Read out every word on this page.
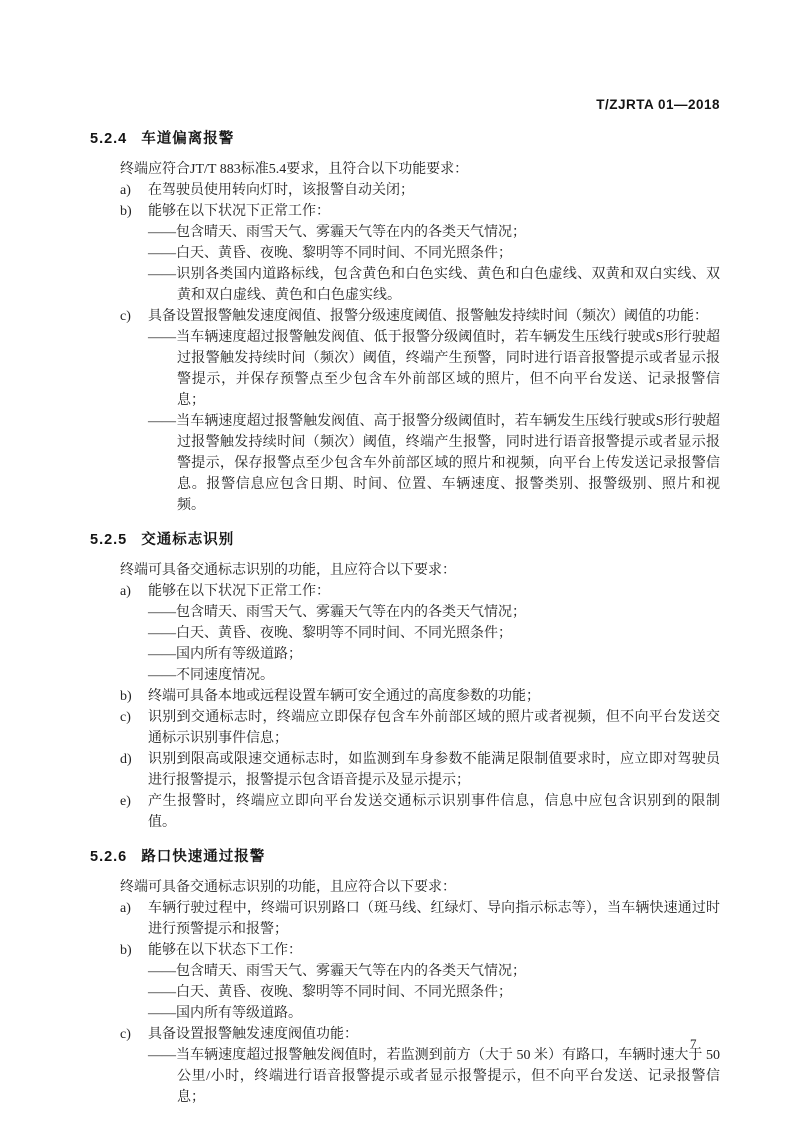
T/ZJRTA 01—2018
5.2.4 车道偏离报警
终端应符合JT/T 883标准5.4要求，且符合以下功能要求：
a) 在驾驶员使用转向灯时，该报警自动关闭；
b) 能够在以下状况下正常工作：
——包含晴天、雨雪天气、雾霾天气等在内的各类天气情况；
——白天、黄昏、夜晚、黎明等不同时间、不同光照条件；
——识别各类国内道路标线，包含黄色和白色实线、黄色和白色虚线、双黄和双白实线、双黄和双白虚线、黄色和白色虚实线。
c) 具备设置报警触发速度阀值、报警分级速度阈值、报警触发持续时间（频次）阈值的功能：
——当车辆速度超过报警触发阀值、低于报警分级阈值时，若车辆发生压线行驶或S形行驶超过报警触发持续时间（频次）阈值，终端产生预警，同时进行语音报警提示或者显示报警提示，并保存预警点至少包含车外前部区域的照片，但不向平台发送、记录报警信息；
——当车辆速度超过报警触发阀值、高于报警分级阈值时，若车辆发生压线行驶或S形行驶超过报警触发持续时间（频次）阈值，终端产生报警，同时进行语音报警提示或者显示报警提示，保存报警点至少包含车外前部区域的照片和视频，向平台上传发送记录报警信息。报警信息应包含日期、时间、位置、车辆速度、报警类别、报警级别、照片和视频。
5.2.5 交通标志识别
终端可具备交通标志识别的功能，且应符合以下要求：
a) 能够在以下状况下正常工作：
——包含晴天、雨雪天气、雾霾天气等在内的各类天气情况；
——白天、黄昏、夜晚、黎明等不同时间、不同光照条件；
——国内所有等级道路；
——不同速度情况。
b) 终端可具备本地或远程设置车辆可安全通过的高度参数的功能；
c) 识别到交通标志时，终端应立即保存包含车外前部区域的照片或者视频，但不向平台发送交通标示识别事件信息；
d) 识别到限高或限速交通标志时，如监测到车身参数不能满足限制值要求时，应立即对驾驶员进行报警提示，报警提示包含语音提示及显示提示；
e) 产生报警时，终端应立即向平台发送交通标示识别事件信息，信息中应包含识别到的限制值。
5.2.6 路口快速通过报警
终端可具备交通标志识别的功能，且应符合以下要求：
a) 车辆行驶过程中，终端可识别路口（斑马线、红绿灯、导向指示标志等），当车辆快速通过时进行预警提示和报警；
b) 能够在以下状态下工作：
——包含晴天、雨雪天气、雾霾天气等在内的各类天气情况；
——白天、黄昏、夜晚、黎明等不同时间、不同光照条件；
——国内所有等级道路。
c) 具备设置报警触发速度阀值功能：
——当车辆速度超过报警触发阀值时，若监测到前方（大于 50 米）有路口，车辆时速大于 50 公里/小时，终端进行语音报警提示或者显示报警提示，但不向平台发送、记录报警信息；
7
